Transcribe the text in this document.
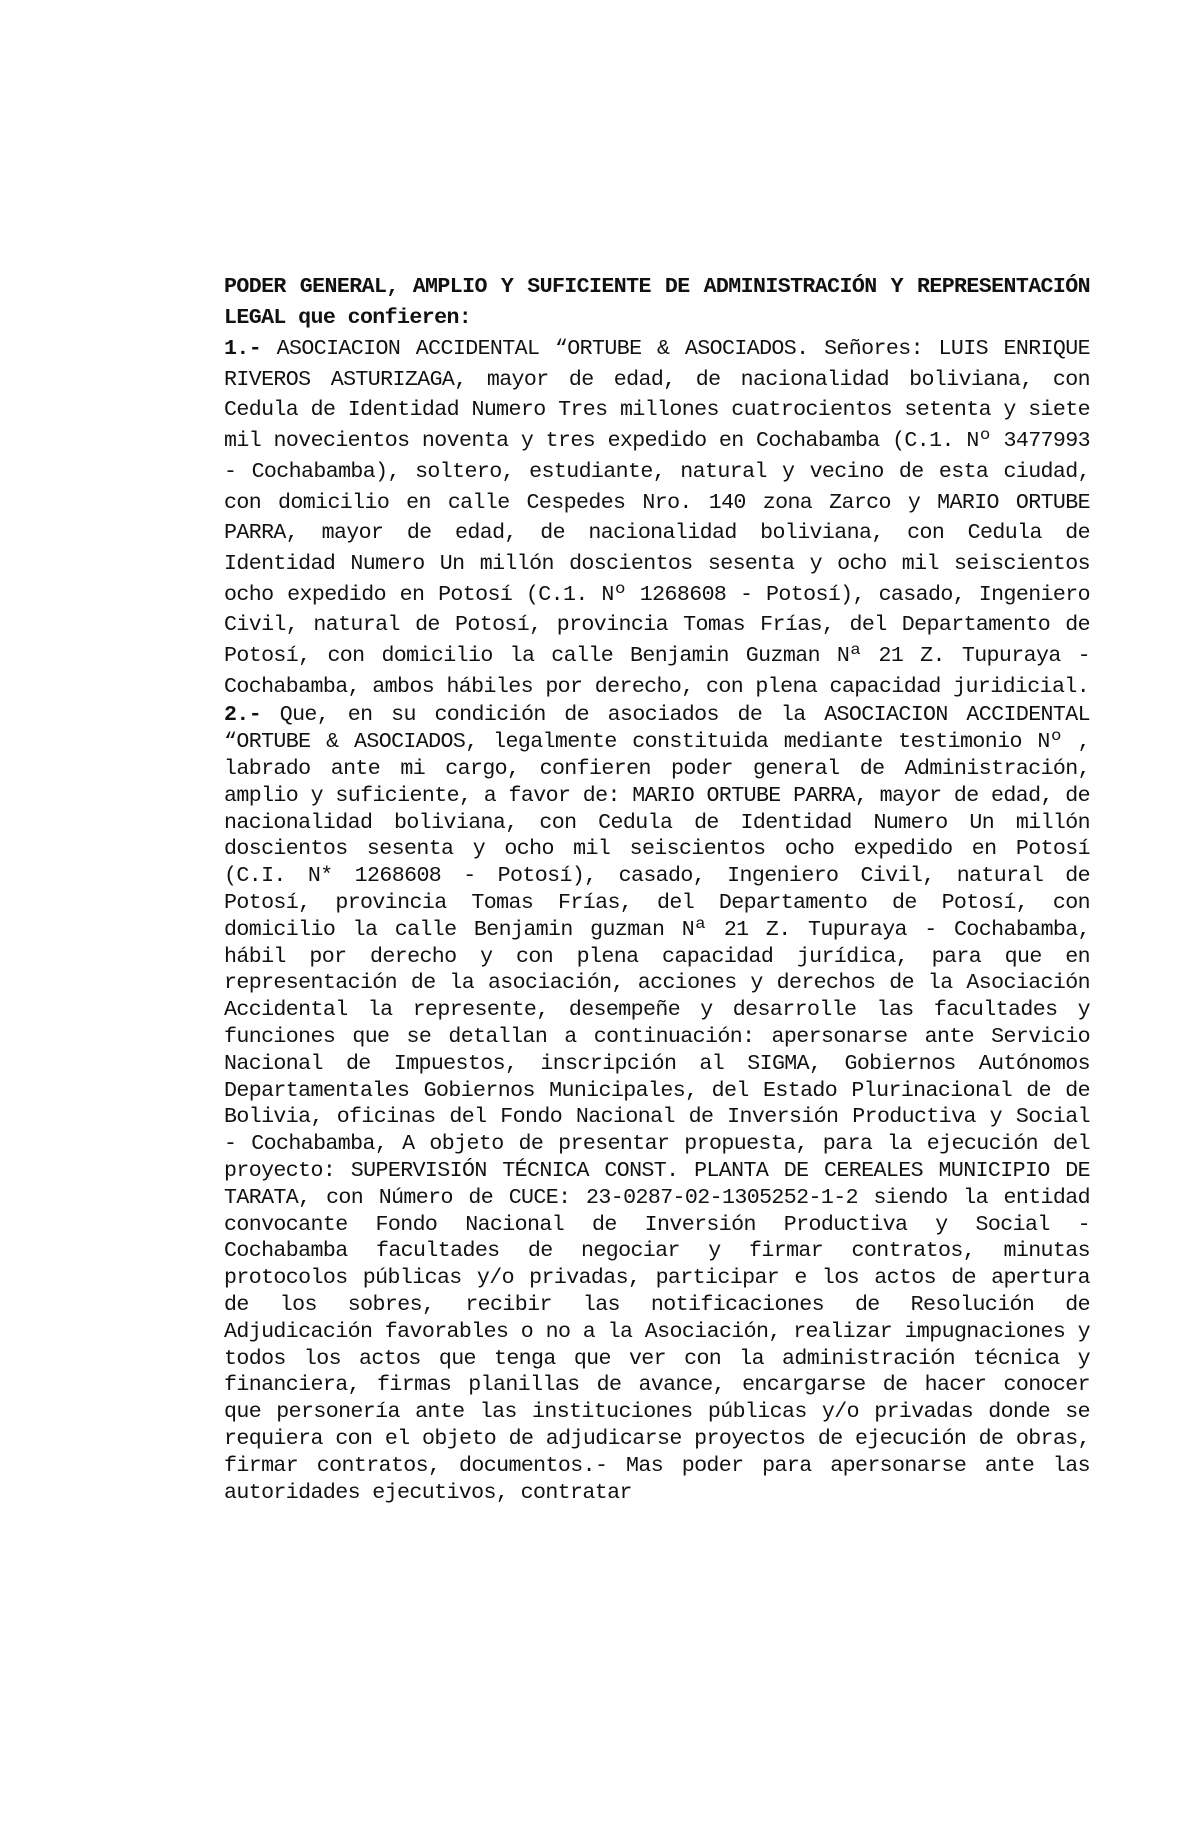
PODER GENERAL, AMPLIO Y SUFICIENTE DE ADMINISTRACIÓN Y REPRESENTACIÓN LEGAL que confieren:

1.- ASOCIACION ACCIDENTAL “ORTUBE & ASOCIADOS. Señores: LUIS ENRIQUE RIVEROS ASTURIZAGA, mayor de edad, de nacionalidad boliviana, con Cedula de Identidad Numero Tres millones cuatrocientos setenta y siete mil novecientos noventa y tres expedido en Cochabamba (C.1. Nº 3477993 - Cochabamba), soltero, estudiante, natural y vecino de esta ciudad, con domicilio en calle Cespedes Nro. 140 zona Zarco y MARIO ORTUBE PARRA, mayor de edad, de nacionalidad boliviana, con Cedula de Identidad Numero Un millón doscientos sesenta y ocho mil seiscientos ocho expedido en Potosí (C.1. Nº 1268608 - Potosí), casado, Ingeniero Civil, natural de Potosí, provincia Tomas Frías, del Departamento de Potosí, con domicilio la calle Benjamin Guzman Nª 21 Z. Tupuraya - Cochabamba, ambos hábiles por derecho, con plena capacidad juridicial.

2.- Que, en su condición de asociados de la ASOCIACION ACCIDENTAL “ORTUBE & ASOCIADOS, legalmente constituida mediante testimonio Nº , labrado ante mi cargo, confieren poder general de Administración, amplio y suficiente, a favor de: MARIO ORTUBE PARRA, mayor de edad, de nacionalidad boliviana, con Cedula de Identidad Numero Un millón doscientos sesenta y ocho mil seiscientos ocho expedido en Potosí (C.I. N* 1268608 - Potosí), casado, Ingeniero Civil, natural de Potosí, provincia Tomas Frías, del Departamento de Potosí, con domicilio la calle Benjamin guzman Nª 21 Z. Tupuraya - Cochabamba, hábil por derecho y con plena capacidad jurídica, para que en representación de la asociación, acciones y derechos de la Asociación Accidental la represente, desempeñe y desarrolle las facultades y funciones que se detallan a continuación: apersonarse ante Servicio Nacional de Impuestos, inscripción al SIGMA, Gobiernos Autónomos Departamentales Gobiernos Municipales, del Estado Plurinacional de de Bolivia, oficinas del Fondo Nacional de Inversión Productiva y Social - Cochabamba, A objeto de presentar propuesta, para la ejecución del proyecto: SUPERVISIÓN TÉCNICA CONST. PLANTA DE CEREALES MUNICIPIO DE TARATA, con Número de CUCE: 23-0287-02-1305252-1-2 siendo la entidad convocante Fondo Nacional de Inversión Productiva y Social - Cochabamba facultades de negociar y firmar contratos, minutas protocolos públicas y/o privadas, participar e los actos de apertura de los sobres, recibir las notificaciones de Resolución de Adjudicación favorables o no a la Asociación, realizar impugnaciones y todos los actos que tenga que ver con la administración técnica y financiera, firmas planillas de avance, encargarse de hacer conocer que personería ante las instituciones públicas y/o privadas donde se requiera con el objeto de adjudicarse proyectos de ejecución de obras, firmar contratos, documentos.- Mas poder para apersonarse ante las autoridades ejecutivos, contratar
